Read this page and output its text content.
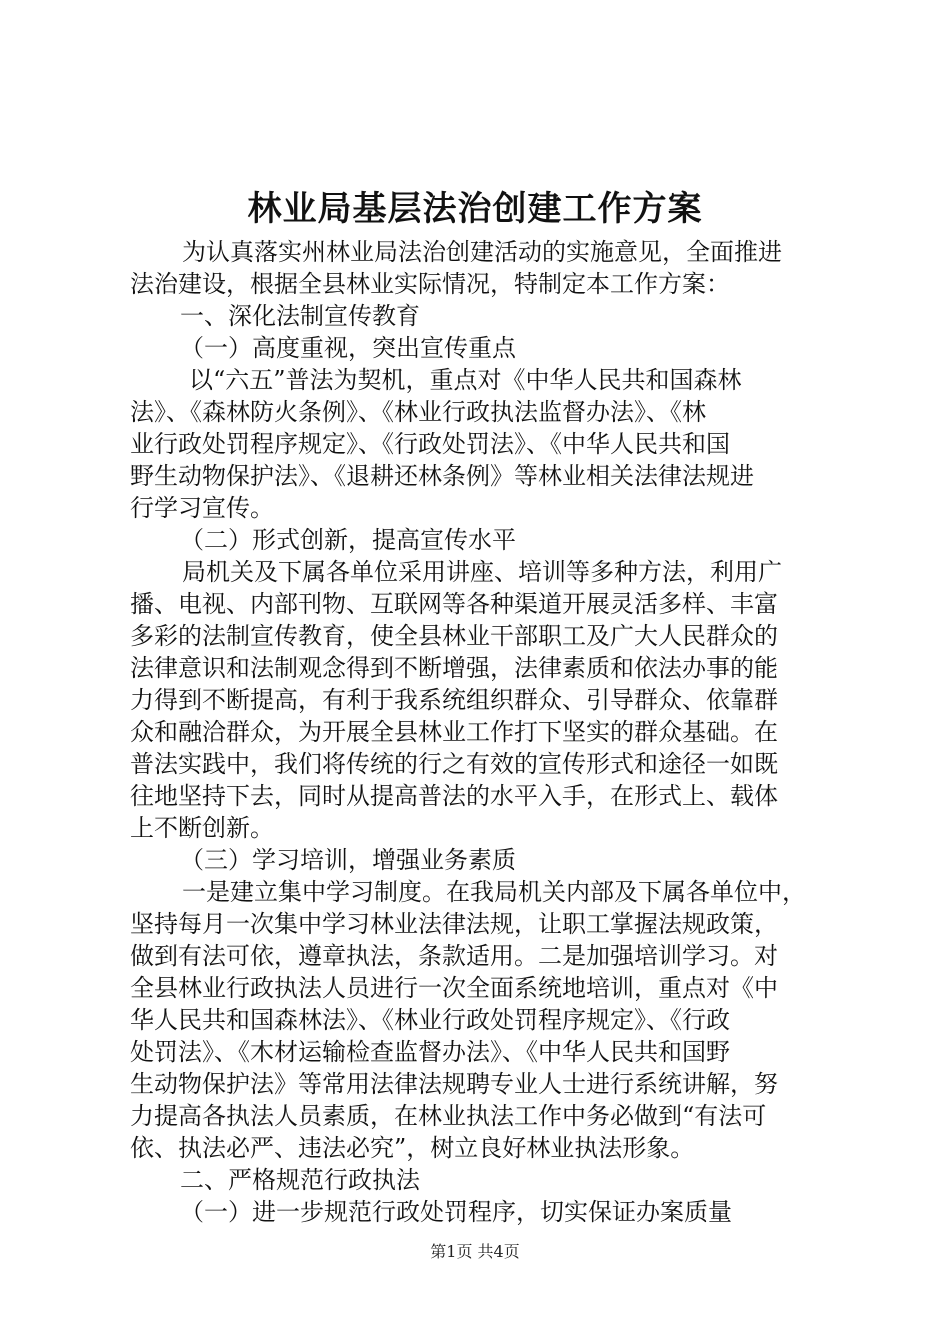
林业局基层法治创建工作方案
为认真落实州林业局法治创建活动的实施意见，全面推进
法治建设，根据全县林业实际情况，特制定本工作方案：
一、深化法制宣传教育
（一）高度重视，突出宣传重点
以“六五”普法为契机，重点对《中华人民共和国森林
法》、《森林防火条例》、《林业行政执法监督办法》、《林
业行政处罚程序规定》、《行政处罚法》、《中华人民共和国
野生动物保护法》、《退耕还林条例》等林业相关法律法规进
行学习宣传。
（二）形式创新，提高宣传水平
局机关及下属各单位采用讲座、培训等多种方法，利用广
播、电视、内部刊物、互联网等各种渠道开展灵活多样、丰富
多彩的法制宣传教育，使全县林业干部职工及广大人民群众的
法律意识和法制观念得到不断增强，法律素质和依法办事的能
力得到不断提高，有利于我系统组织群众、引导群众、依靠群
众和融洽群众，为开展全县林业工作打下坚实的群众基础。在
普法实践中，我们将传统的行之有效的宣传形式和途径一如既
往地坚持下去，同时从提高普法的水平入手，在形式上、载体
上不断创新。
（三）学习培训，增强业务素质
一是建立集中学习制度。在我局机关内部及下属各单位中，
坚持每月一次集中学习林业法律法规，让职工掌握法规政策，
做到有法可依，遵章执法，条款适用。二是加强培训学习。对
全县林业行政执法人员进行一次全面系统地培训，重点对《中
华人民共和国森林法》、《林业行政处罚程序规定》、《行政
处罚法》、《木材运输检查监督办法》、《中华人民共和国野
生动物保护法》等常用法律法规聘专业人士进行系统讲解，努
力提高各执法人员素质，在林业执法工作中务必做到“有法可
依、执法必严、违法必究”，树立良好林业执法形象。
二、严格规范行政执法
（一）进一步规范行政处罚程序，切实保证办案质量
第1页 共4页
